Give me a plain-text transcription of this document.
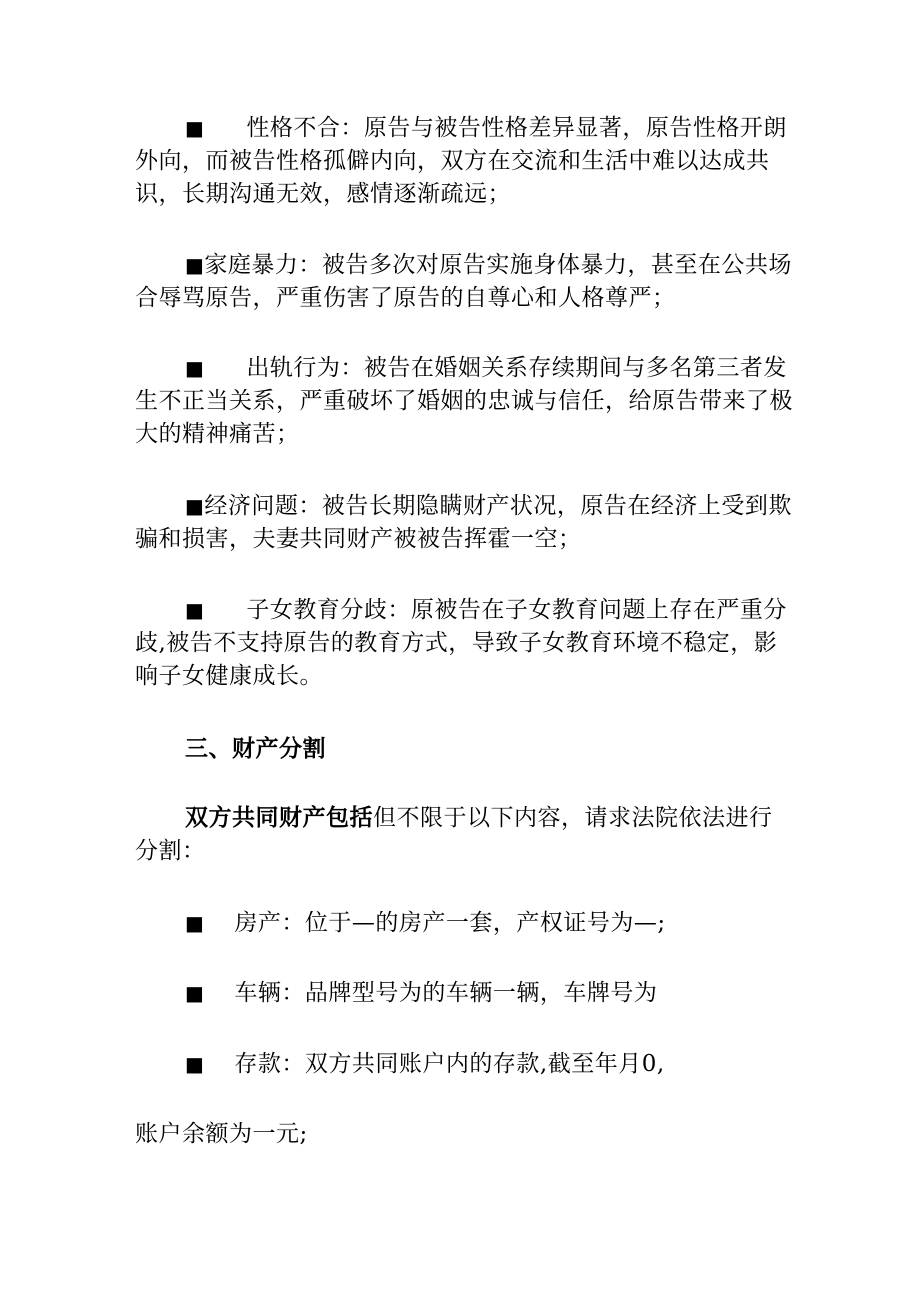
■ 性格不合：原告与被告性格差异显著，原告性格开朗外向，而被告性格孤僻内向，双方在交流和生活中难以达成共识，长期沟通无效，感情逐渐疏远；
■家庭暴力：被告多次对原告实施身体暴力，甚至在公共场合辱骂原告，严重伤害了原告的自尊心和人格尊严；
■ 出轨行为：被告在婚姻关系存续期间与多名第三者发生不正当关系，严重破坏了婚姻的忠诚与信任，给原告带来了极大的精神痛苦；
■经济问题：被告长期隐瞒财产状况，原告在经济上受到欺骗和损害，夫妻共同财产被被告挥霍一空；
■ 子女教育分歧：原被告在子女教育问题上存在严重分歧,被告不支持原告的教育方式，导致子女教育环境不稳定，影响子女健康成长。
三、财产分割
双方共同财产包括但不限于以下内容，请求法院依法进行分割：
■ 房产：位于—的房产一套，产权证号为—;
■ 车辆：品牌型号为的车辆一辆，车牌号为
■ 存款：双方共同账户内的存款,截至年月0,
账户余额为一元;
